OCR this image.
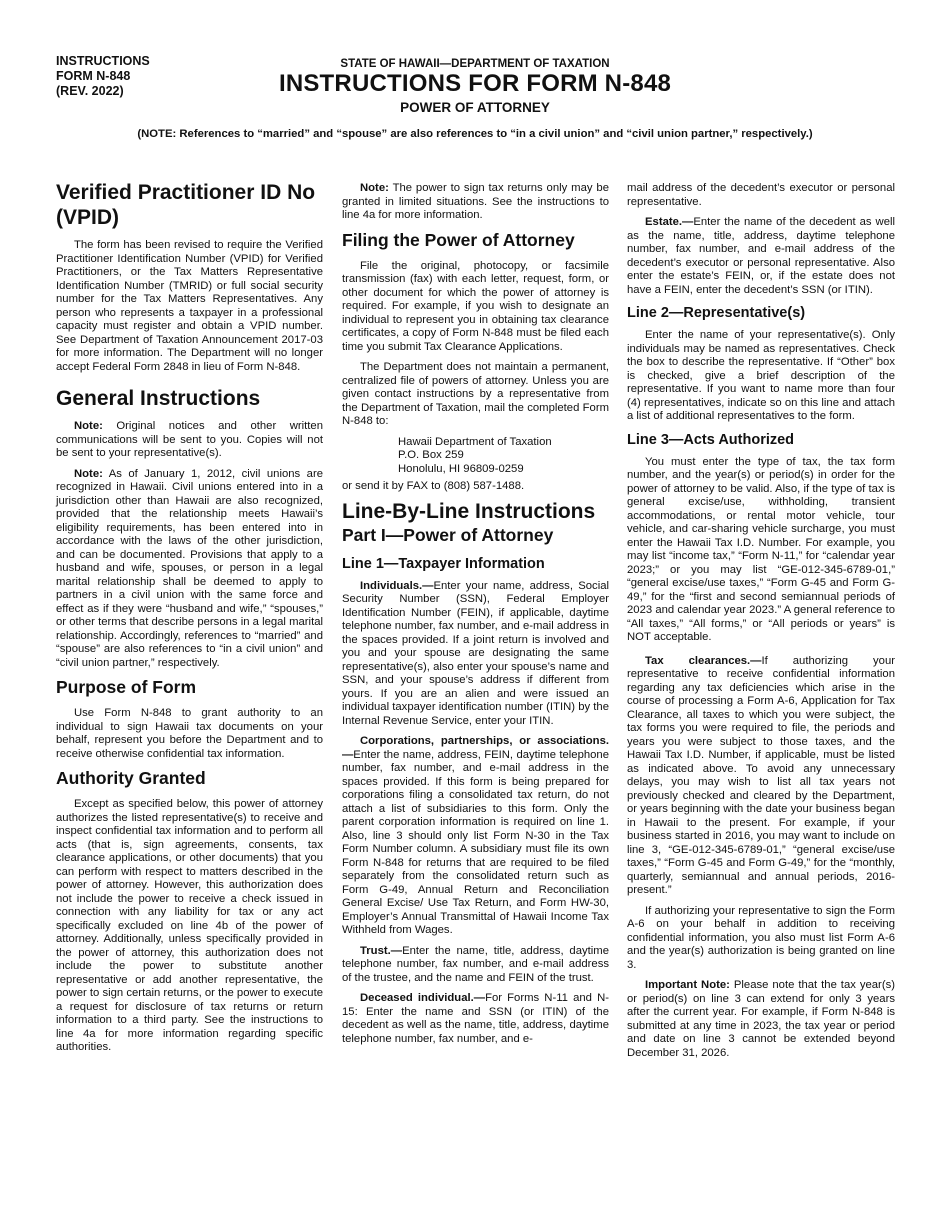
INSTRUCTIONS
FORM N-848
(REV. 2022)
STATE OF HAWAII—DEPARTMENT OF TAXATION
INSTRUCTIONS FOR FORM N-848
POWER OF ATTORNEY
(NOTE: References to “married” and “spouse” are also references to “in a civil union” and “civil union partner,” respectively.)
Verified Practitioner ID No (VPID)

The form has been revised to require the Verified Practitioner Identification Number (VPID) for Verified Practitioners, or the Tax Matters Representative Identification Number (TMRID) or full social security number for the Tax Matters Representatives. Any person who represents a taxpayer in a professional capacity must register and obtain a VPID number. See Department of Taxation Announcement 2017-03 for more information. The Department will no longer accept Federal Form 2848 in lieu of Form N-848.

General Instructions

Note: Original notices and other written communications will be sent to you. Copies will not be sent to your representative(s).

Note: As of January 1, 2012, civil unions are recognized in Hawaii. Civil unions entered into in a jurisdiction other than Hawaii are also recognized, provided that the relationship meets Hawaii’s eligibility requirements, has been entered into in accordance with the laws of the other jurisdiction, and can be documented. Provisions that apply to a husband and wife, spouses, or person in a legal marital relationship shall be deemed to apply to partners in a civil union with the same force and effect as if they were “husband and wife,” “spouses,” or other terms that describe persons in a legal marital relationship. Accordingly, references to “married” and “spouse” are also references to “in a civil union” and “civil union partner,” respectively.

Purpose of Form

Use Form N-848 to grant authority to an individual to sign Hawaii tax documents on your behalf, represent you before the Department and to receive otherwise confidential tax information.

Authority Granted

Except as specified below, this power of attorney authorizes the listed representative(s) to receive and inspect confidential tax information and to perform all acts (that is, sign agreements, consents, tax clearance applications, or other documents) that you can perform with respect to matters described in the power of attorney. However, this authorization does not include the power to receive a check issued in connection with any liability for tax or any act specifically excluded on line 4b of the power of attorney. Additionally, unless specifically provided in the power of attorney, this authorization does not include the power to substitute another representative or add another representative, the power to sign certain returns, or the power to execute a request for disclosure of tax returns or return information to a third party. See the instructions to line 4a for more information regarding specific authorities.

Note: The power to sign tax returns only may be granted in limited situations. See the instructions to line 4a for more information.

Filing the Power of Attorney

File the original, photocopy, or facsimile transmission (fax) with each letter, request, form, or other document for which the power of attorney is required. For example, if you wish to designate an individual to represent you in obtaining tax clearance certificates, a copy of Form N-848 must be filed each time you submit Tax Clearance Applications.

The Department does not maintain a permanent, centralized file of powers of attorney. Unless you are given contact instructions by a representative from the Department of Taxation, mail the completed Form N-848 to:

Hawaii Department of Taxation
P.O. Box 259
Honolulu, HI 96809-0259

or send it by FAX to (808) 587-1488.

Line-By-Line Instructions
Part I—Power of Attorney
Line 1—Taxpayer Information

Individuals.—Enter your name, address, Social Security Number (SSN), Federal Employer Identification Number (FEIN), if applicable, daytime telephone number, fax number, and e-mail address in the spaces provided. If a joint return is involved and you and your spouse are designating the same representative(s), also enter your spouse’s name and SSN, and your spouse’s address if different from yours. If you are an alien and were issued an individual taxpayer identification number (ITIN) by the Internal Revenue Service, enter your ITIN.

Corporations, partnerships, or associations.—Enter the name, address, FEIN, daytime telephone number, fax number, and e-mail address in the spaces provided. If this form is being prepared for corporations filing a consolidated tax return, do not attach a list of subsidiaries to this form. Only the parent corporation information is required on line 1. Also, line 3 should only list Form N-30 in the Tax Form Number column. A subsidiary must file its own Form N-848 for returns that are required to be filed separately from the consolidated return such as Form G-49, Annual Return and Reconciliation General Excise/ Use Tax Return, and Form HW-30, Employer’s Annual Transmittal of Hawaii Income Tax Withheld from Wages.

Trust.—Enter the name, title, address, daytime telephone number, fax number, and e-mail address of the trustee, and the name and FEIN of the trust.

Deceased individual.—For Forms N-11 and N-15: Enter the name and SSN (or ITIN) of the decedent as well as the name, title, address, daytime telephone number, fax number, and e-

mail address of the decedent’s executor or personal representative.

Estate.—Enter the name of the decedent as well as the name, title, address, daytime telephone number, fax number, and e-mail address of the decedent’s executor or personal representative. Also enter the estate’s FEIN, or, if the estate does not have a FEIN, enter the decedent’s SSN (or ITIN).

Line 2—Representative(s)

Enter the name of your representative(s). Only individuals may be named as representatives. Check the box to describe the representative. If “Other” box is checked, give a brief description of the representative. If you want to name more than four (4) representatives, indicate so on this line and attach a list of additional representatives to the form.

Line 3—Acts Authorized

You must enter the type of tax, the tax form number, and the year(s) or period(s) in order for the power of attorney to be valid. Also, if the type of tax is general excise/use, withholding, transient accommodations, or rental motor vehicle, tour vehicle, and car-sharing vehicle surcharge, you must enter the Hawaii Tax I.D. Number. For example, you may list “income tax,” “Form N-11,” for “calendar year 2023;” or you may list “GE-012-345-6789-01,” “general excise/use taxes,” “Form G-45 and Form G-49,” for the “first and second semiannual periods of 2023 and calendar year 2023.” A general reference to “All taxes,” “All forms,” or “All periods or years” is NOT acceptable.

Tax clearances.—If authorizing your representative to receive confidential information regarding any tax deficiencies which arise in the course of processing a Form A-6, Application for Tax Clearance, all taxes to which you were subject, the tax forms you were required to file, the periods and years you were subject to those taxes, and the Hawaii Tax I.D. Number, if applicable, must be listed as indicated above. To avoid any unnecessary delays, you may wish to list all tax years not previously checked and cleared by the Department, or years beginning with the date your business began in Hawaii to the present. For example, if your business started in 2016, you may want to include on line 3, “GE-012-345-6789-01,” “general excise/use taxes,” “Form G-45 and Form G-49,” for the “monthly, quarterly, semiannual and annual periods, 2016-present.”

If authorizing your representative to sign the Form A-6 on your behalf in addition to receiving confidential information, you also must list Form A-6 and the year(s) authorization is being granted on line 3.

Important Note: Please note that the tax year(s) or period(s) on line 3 can extend for only 3 years after the current year. For example, if Form N-848 is submitted at any time in 2023, the tax year or period and date on line 3 cannot be extended beyond December 31, 2026.
